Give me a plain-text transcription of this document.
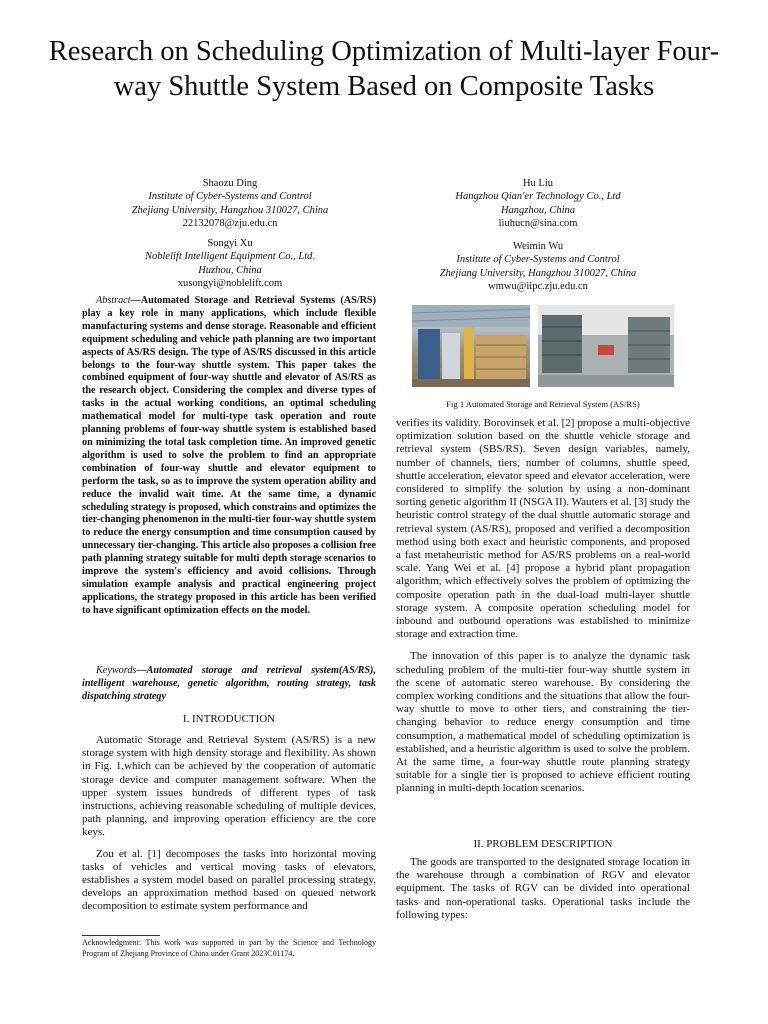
Research on Scheduling Optimization of Multi-layer Four-way Shuttle System Based on Composite Tasks
Shaozu Ding
Institute of Cyber-Systems and Control
Zhejiang University, Hangzhou 310027, China
22132078@zju.edu.cn
Hu Liu
Hangzhou Qian'er Technology Co., Ltd
Hangzhou, China
liuhucn@sina.com
Songyi Xu
Noblelift Intelligent Equipment Co., Ltd.
Huzhou, China
xusongyi@noblelift.com
Weimin Wu
Institute of Cyber-Systems and Control
Zhejiang University, Hangzhou 310027, China
wmwu@iipc.zju.edu.cn

Abstract—Automated Storage and Retrieval Systems (AS/RS) play a key role in many applications, which include flexible manufacturing systems and dense storage. Reasonable and efficient equipment scheduling and vehicle path planning are two important aspects of AS/RS design. The type of AS/RS discussed in this article belongs to the four-way shuttle system. This paper takes the combined equipment of four-way shuttle and elevator of AS/RS as the research object. Considering the complex and diverse types of tasks in the actual working conditions, an optimal scheduling mathematical model for multi-type task operation and route planning problems of four-way shuttle system is established based on minimizing the total task completion time. An improved genetic algorithm is used to solve the problem to find an appropriate combination of four-way shuttle and elevator equipment to perform the task, so as to improve the system operation ability and reduce the invalid wait time. At the same time, a dynamic scheduling strategy is proposed, which constrains and optimizes the tier-changing phenomenon in the multi-tier four-way shuttle system to reduce the energy consumption and time consumption caused by unnecessary tier-changing. This article also proposes a collision free path planning strategy suitable for multi depth storage scenarios to improve the system's efficiency and avoid collisions. Through simulation example analysis and practical engineering project applications, the strategy proposed in this article has been verified to have significant optimization effects on the model.

Keywords—Automated storage and retrieval system(AS/RS), intelligent warehouse, genetic algorithm, routing strategy, task dispatching strategy

I. INTRODUCTION

Automatic Storage and Retrieval System (AS/RS) is a new storage system with high density storage and flexibility. As shown in Fig. 1,which can be achieved by the cooperation of automatic storage device and computer management software. When the upper system issues hundreds of different types of task instructions, achieving reasonable scheduling of multiple devices, path planning, and improving operation efficiency are the core keys.

Zou et al. [1] decomposes the tasks into horizontal moving tasks of vehicles and vertical moving tasks of elevators, establishes a system model based on parallel processing strategy, develops an approximation method based on queued network decomposition to estimate system performance and

Acknowledgment: This work was supported in part by the Science and Technology Program of Zhejiang Province of China under Grant 2023C01174.
Fig 1 Automated Storage and Retrieval System (AS/RS)

verifies its validity. Borovinsek et al. [2] propose a multi-objective optimization solution based on the shuttle vehicle storage and retrieval system (SBS/RS). Seven design variables, namely, number of channels, tiers, number of columns, shuttle speed, shuttle acceleration, elevator speed and elevator acceleration, were considered to simplify the solution by using a non-dominant sorting genetic algorithm II (NSGA II). Wauters et al. [3] study the heuristic control strategy of the dual shuttle automatic storage and retrieval system (AS/RS), proposed and verified a decomposition method using both exact and heuristic components, and proposed a fast metaheuristic method for AS/RS problems on a real-world scale. Yang Wei et al. [4] propose a hybrid plant propagation algorithm, which effectively solves the problem of optimizing the composite operation path in the dual-load multi-layer shuttle storage system. A composite operation scheduling model for inbound and outbound operations was established to minimize storage and extraction time.

The innovation of this paper is to analyze the dynamic task scheduling problem of the multi-tier four-way shuttle system in the scene of automatic stereo warehouse. By considering the complex working conditions and the situations that allow the four-way shuttle to move to other tiers, and constraining the tier-changing behavior to reduce energy consumption and time consumption, a mathematical model of scheduling optimization is established, and a heuristic algorithm is used to solve the problem. At the same time, a four-way shuttle route planning strategy suitable for a single tier is proposed to achieve efficient routing planning in multi-depth location scenarios.

II. PROBLEM DESCRIPTION

The goods are transported to the designated storage location in the warehouse through a combination of RGV and elevator equipment. The tasks of RGV can be divided into operational tasks and non-operational tasks. Operational tasks include the following types:
